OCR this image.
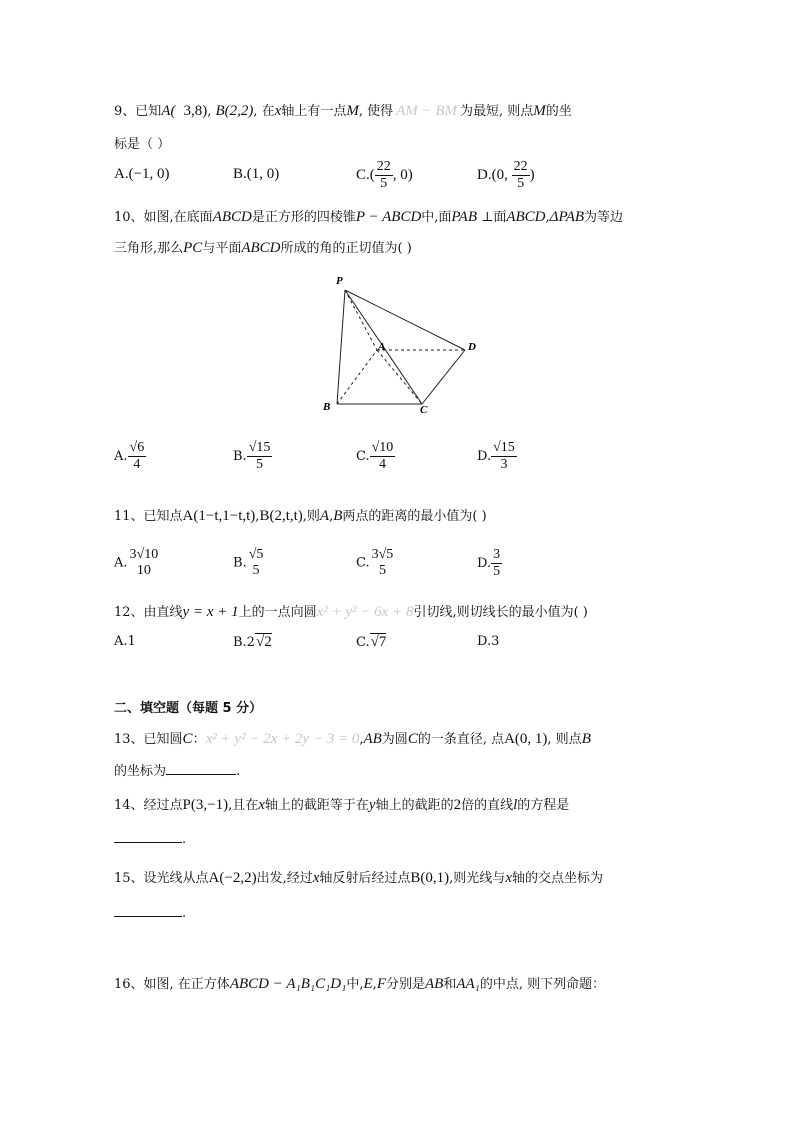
9、已知A( 3,8), B(2,2), 在x轴上有一点M, 使得 AM − BM 为最短, 则点M的坐
标是（ ）
A.(−1, 0)	B.(1, 0)	$C.( \frac{22}{5}$ , 0)	D.(0, $\frac{22}{5}$ )
10、如图,在底面ABCD是正方形的四棱锥P − ABCD中,面PAB ⊥面ABCD,ΔPAB为等边
三角形,那么PC与平面ABCD所成的角的正切值为( )
P
A
B	C
D
A. $\frac{√6}{4}$	B. $\frac{√15}{5}$	C. $\frac{√10}{4}$	D. $\frac{√15}{3}$
11、已知点A(1−t,1−t,t),B(2,t,t),则A,B两点的距离的最小值为( )
A.
3√10
10	B.
√5
5	C.
3√5
5	D. $\frac{3}{5}$
12、由直线y = x + 1上的一点向圆x² + y² − 6x + 8引切线,则切线长的最小值为( )
A.1	B.2√2	C.√7	D.3
二、填空题（每题 5 分）
13、已知圆C：x² + y² − 2x + 2y − 3 = 0,AB为圆C的一条直径, 点A(0, 1), 则点B
的坐标为	.
14、经过点P(3,−1),且在x轴上的截距等于在y轴上的截距的2倍的直线l的方程是
.
15、设光线从点A(−2,2)出发,经过x轴反射后经过点B(0,1),则光线与x轴的交点坐标为
.
16、如图, 在正方体ABCD − A₁B₁C₁D₁中,E,F分别是AB和AA₁的中点, 则下列命题：
